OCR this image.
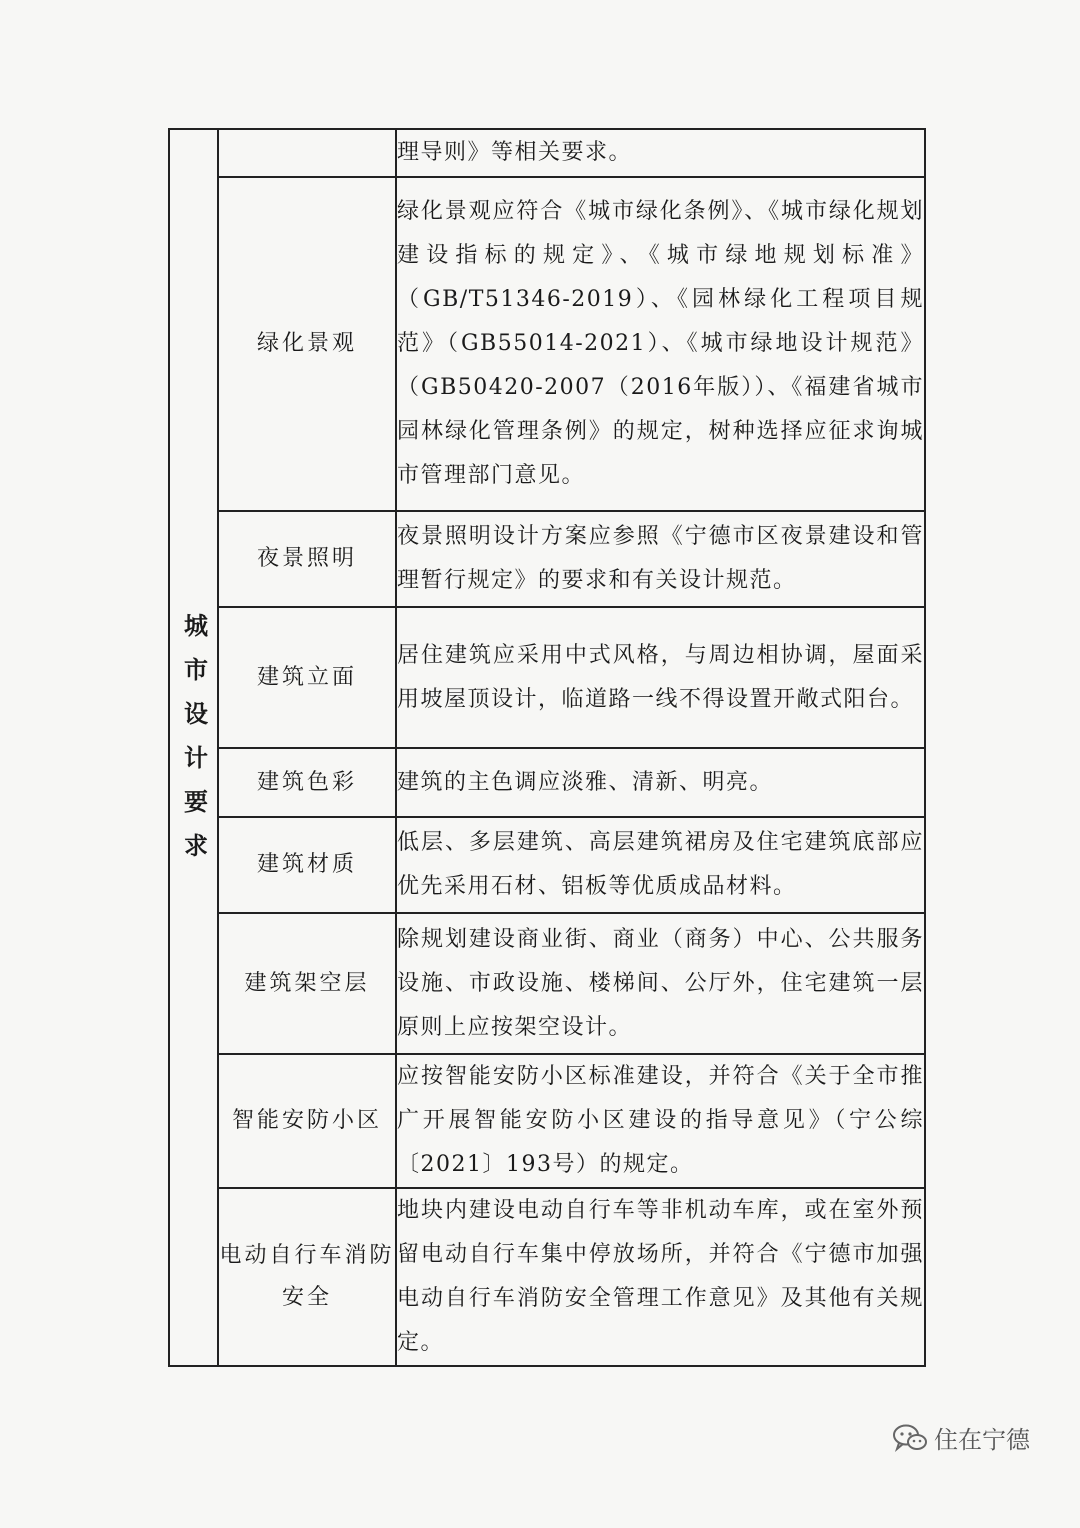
城市设计要求		理导则》等相关要求。
	绿化景观	绿化景观应符合《城市绿化条例》、《城市绿化规划建设指标的规定》、《城市绿地规划标准》（GB/T51346-2019）、《园林绿化工程项目规范》（GB55014-2021）、《城市绿地设计规范》（GB50420-2007（2016年版））、《福建省城市园林绿化管理条例》的规定，树种选择应征求询城市管理部门意见。
	夜景照明	夜景照明设计方案应参照《宁德市区夜景建设和管理暂行规定》的要求和有关设计规范。
	建筑立面	居住建筑应采用中式风格，与周边相协调，屋面采用坡屋顶设计，临道路一线不得设置开敞式阳台。
	建筑色彩	建筑的主色调应淡雅、清新、明亮。
	建筑材质	低层、多层建筑、高层建筑裙房及住宅建筑底部应优先采用石材、铝板等优质成品材料。
	建筑架空层	除规划建设商业街、商业（商务）中心、公共服务设施、市政设施、楼梯间、公厅外，住宅建筑一层原则上应按架空设计。
	智能安防小区	应按智能安防小区标准建设，并符合《关于全市推广开展智能安防小区建设的指导意见》（宁公综〔2021〕193号）的规定。
	电动自行车消防安全	地块内建设电动自行车等非机动车库，或在室外预留电动自行车集中停放场所，并符合《宁德市加强电动自行车消防安全管理工作意见》及其他有关规定。
住在宁德
